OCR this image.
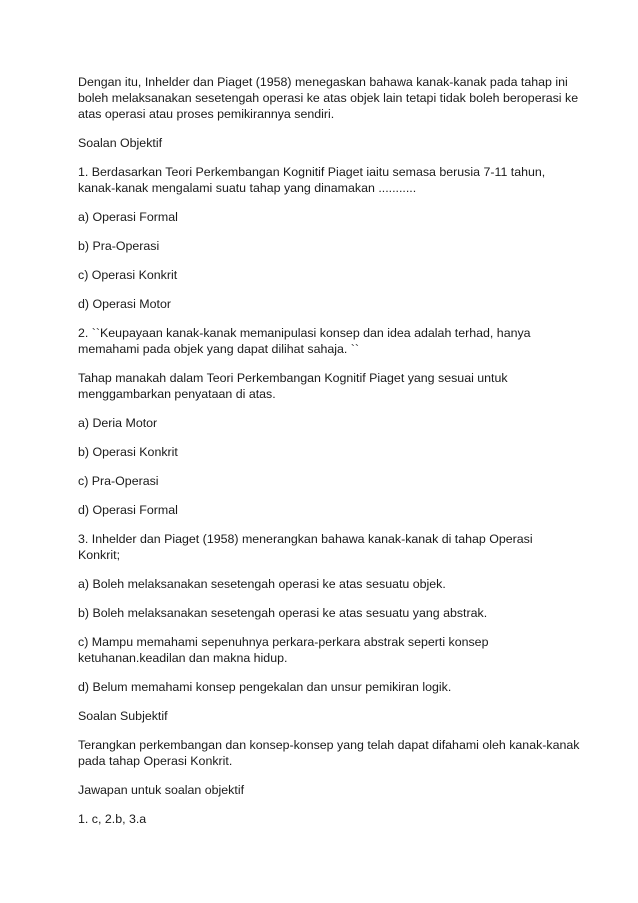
Dengan itu, Inhelder dan Piaget (1958) menegaskan bahawa kanak-kanak pada tahap ini
boleh melaksanakan sesetengah operasi ke atas objek lain tetapi tidak boleh beroperasi ke
atas operasi atau proses pemikirannya sendiri.

Soalan Objektif

1. Berdasarkan Teori Perkembangan Kognitif Piaget iaitu semasa berusia 7-11 tahun,
kanak-kanak mengalami suatu tahap yang dinamakan ...........

a) Operasi Formal

b) Pra-Operasi

c) Operasi Konkrit

d) Operasi Motor

2. ``Keupayaan kanak-kanak memanipulasi konsep dan idea adalah terhad, hanya
memahami pada objek yang dapat dilihat sahaja. ``

Tahap manakah dalam Teori Perkembangan Kognitif Piaget yang sesuai untuk
menggambarkan penyataan di atas.

a) Deria Motor

b) Operasi Konkrit

c) Pra-Operasi

d) Operasi Formal

3. Inhelder dan Piaget (1958) menerangkan bahawa kanak-kanak di tahap Operasi Konkrit;

a) Boleh melaksanakan sesetengah operasi ke atas sesuatu objek.

b) Boleh melaksanakan sesetengah operasi ke atas sesuatu yang abstrak.

c) Mampu memahami sepenuhnya perkara-perkara abstrak seperti konsep
ketuhanan.keadilan dan makna hidup.

d) Belum memahami konsep pengekalan dan unsur pemikiran logik.

Soalan Subjektif

Terangkan perkembangan dan konsep-konsep yang telah dapat difahami oleh kanak-kanak
pada tahap Operasi Konkrit.

Jawapan untuk soalan objektif

1. c, 2.b, 3.a
